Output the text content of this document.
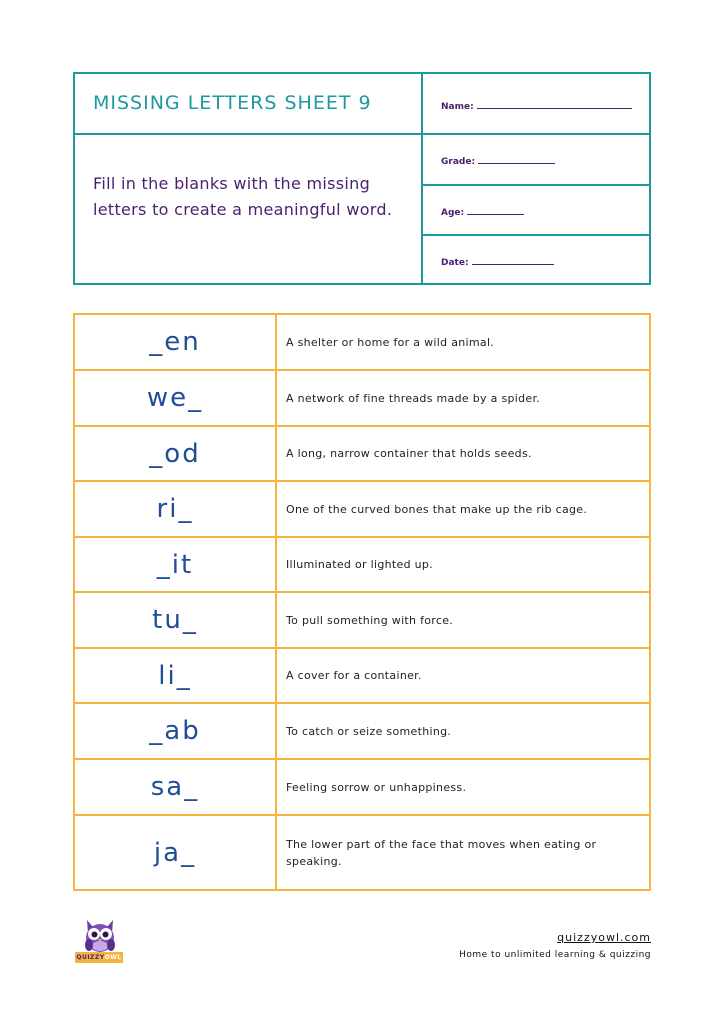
MISSING LETTERS SHEET 9

Fill in the blanks with the missing letters to create a meaningful word.

Name:
Grade:
Age:
Date:
_en	A shelter or home for a wild animal.
we_	A network of fine threads made by a spider.
_od	A long, narrow container that holds seeds.
ri_	One of the curved bones that make up the rib cage.
_it	Illuminated or lighted up.
tu_	To pull something with force.
li_	A cover for a container.
_ab	To catch or seize something.
sa_	Feeling sorrow or unhappiness.
ja_	The lower part of the face that moves when eating or speaking.
QUIZZY OWL
quizzyowl.com
Home to unlimited learning & quizzing
